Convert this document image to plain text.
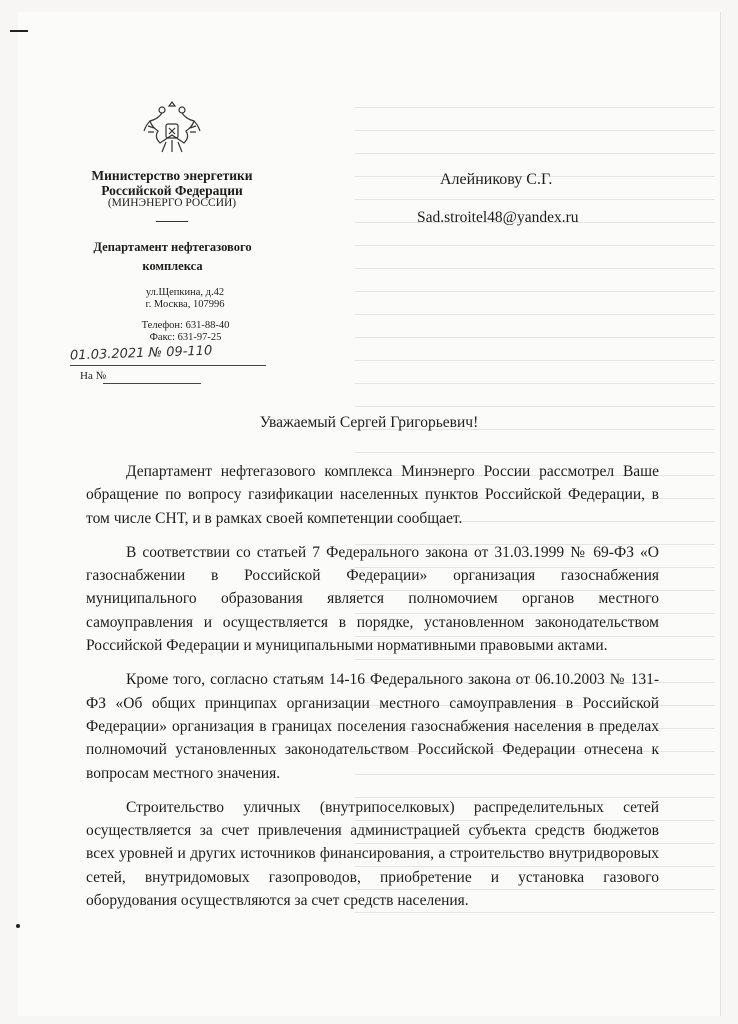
Министерство энергетики
Российской Федерации
(МИНЭНЕРГО РОССИИ)
Департамент нефтегазового
комплекса
ул.Щепкина, д.42
г. Москва, 107996
Телефон: 631-88-40
Факс: 631-97-25
01.03.2021 № 09-110
На №
Алейникову С.Г.
Sad.stroitel48@yandex.ru
Уважаемый Сергей Григорьевич!

Департамент нефтегазового комплекса Минэнерго России рассмотрел Ваше обращение по вопросу газификации населенных пунктов Российской Федерации, в том числе СНТ, и в рамках своей компетенции сообщает.

В соответствии со статьей 7 Федерального закона от 31.03.1999 № 69-ФЗ «О газоснабжении в Российской Федерации» организация газоснабжения муниципального образования является полномочием органов местного самоуправления и осуществляется в порядке, установленном законодательством Российской Федерации и муниципальными нормативными правовыми актами.

Кроме того, согласно статьям 14-16 Федерального закона от 06.10.2003 № 131-ФЗ «Об общих принципах организации местного самоуправления в Российской Федерации» организация в границах поселения газоснабжения населения в пределах полномочий установленных законодательством Российской Федерации отнесена к вопросам местного значения.

Строительство уличных (внутрипоселковых) распределительных сетей осуществляется за счет привлечения администрацией субъекта средств бюджетов всех уровней и других источников финансирования, а строительство внутридворовых сетей, внутридомовых газопроводов, приобретение и установка газового оборудования осуществляются за счет средств населения.
